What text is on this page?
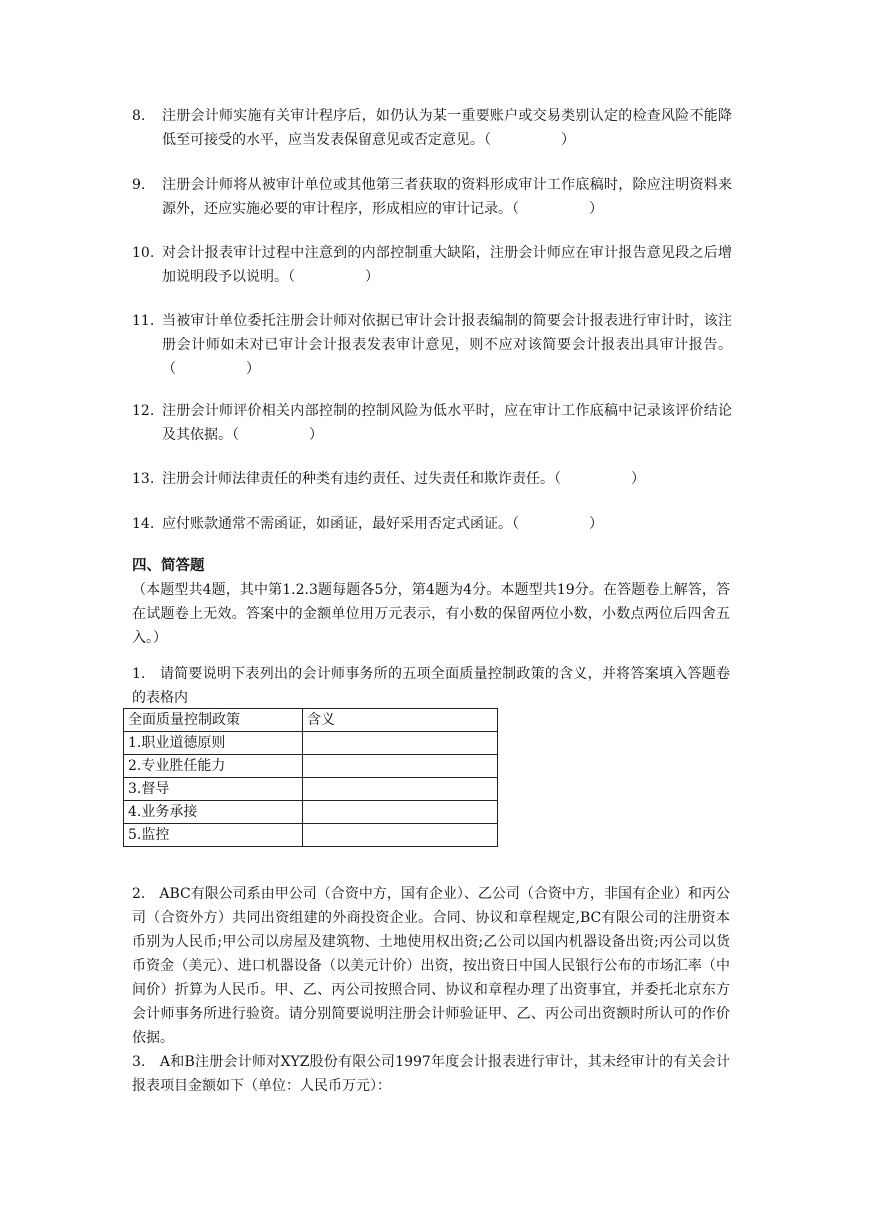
8. 注册会计师实施有关审计程序后，如仍认为某一重要账户或交易类别认定的检查风险不能降低至可接受的水平，应当发表保留意见或否定意见。（　　　　　）
9. 注册会计师将从被审计单位或其他第三者获取的资料形成审计工作底稿时，除应注明资料来源外，还应实施必要的审计程序，形成相应的审计记录。（　　　　　）
10. 对会计报表审计过程中注意到的内部控制重大缺陷，注册会计师应在审计报告意见段之后增加说明段予以说明。（　　　　　）
11. 当被审计单位委托注册会计师对依据已审计会计报表编制的简要会计报表进行审计时，该注册会计师如未对已审计会计报表发表审计意见，则不应对该简要会计报表出具审计报告。（　　　　　）
12. 注册会计师评价相关内部控制的控制风险为低水平时，应在审计工作底稿中记录该评价结论及其依据。（　　　　　）
13. 注册会计师法律责任的种类有违约责任、过失责任和欺诈责任。（　　　　　）
14. 应付账款通常不需函证，如函证，最好采用否定式函证。（　　　　　）
四、简答题
（本题型共4题，其中第1.2.3题每题各5分，第4题为4分。本题型共19分。在答题卷上解答，答在试题卷上无效。答案中的金额单位用万元表示，有小数的保留两位小数，小数点两位后四舍五入。）
1.　请简要说明下表列出的会计师事务所的五项全面质量控制政策的含义，并将答案填入答题卷的表格内
全面质量控制政策	含义
1.职业道德原则	
2.专业胜任能力	
3.督导	
4.业务承接	
5.监控	
2.　ABC有限公司系由甲公司（合资中方，国有企业）、乙公司（合资中方，非国有企业）和丙公司（合资外方）共同出资组建的外商投资企业。合同、协议和章程规定,BC有限公司的注册资本币别为人民币;甲公司以房屋及建筑物、土地使用权出资;乙公司以国内机器设备出资;丙公司以货币资金（美元）、进口机器设备（以美元计价）出资，按出资日中国人民银行公布的市场汇率（中间价）折算为人民币。甲、乙、丙公司按照合同、协议和章程办理了出资事宜，并委托北京东方会计师事务所进行验资。请分别简要说明注册会计师验证甲、乙、丙公司出资额时所认可的作价依据。
3.　A和B注册会计师对XYZ股份有限公司1997年度会计报表进行审计，其未经审计的有关会计报表项目金额如下（单位：人民币万元）：
